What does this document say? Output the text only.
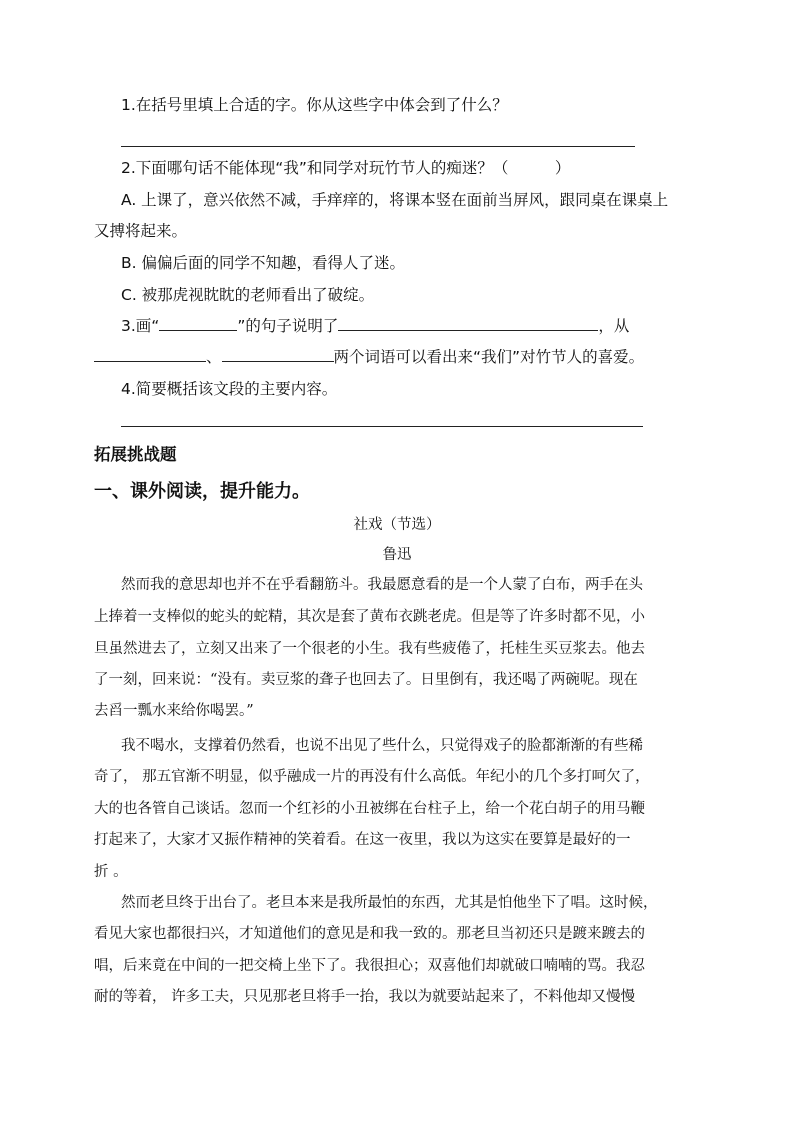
1.在括号里填上合适的字。你从这些字中体会到了什么？
2.下面哪句话不能体现“我”和同学对玩竹节人的痴迷？（　　　）
A. 上课了，意兴依然不减，手痒痒的，将课本竖在面前当屏风，跟同桌在课桌上
又搏将起来。
B. 偏偏后面的同学不知趣，看得人了迷。
C. 被那虎视眈眈的老师看出了破绽。
3.画“	”的句子说明了	，从
、	两个词语可以看出来“我们”对竹节人的喜爱。
4.简要概括该文段的主要内容。
拓展挑战题
一、课外阅读，提升能力。
社戏（节选）
鲁迅
然而我的意思却也并不在乎看翻筋斗。我最愿意看的是一个人蒙了白布，两手在头
上捧着一支棒似的蛇头的蛇精，其次是套了黄布衣跳老虎。但是等了许多时都不见，小
旦虽然进去了，立刻又出来了一个很老的小生。我有些疲倦了，托桂生买豆浆去。他去
了一刻，回来说：“没有。卖豆浆的聋子也回去了。日里倒有，我还喝了两碗呢。现在
去舀一瓢水来给你喝罢。”
我不喝水，支撑着仍然看，也说不出见了些什么，只觉得戏子的脸都渐渐的有些稀
奇了， 那五官渐不明显，似乎融成一片的再没有什么高低。年纪小的几个多打呵欠了，
大的也各管自己谈话。忽而一个红衫的小丑被绑在台柱子上，给一个花白胡子的用马鞭
打起来了，大家才又振作精神的笑着看。在这一夜里，我以为这实在要算是最好的一
折 。
然而老旦终于出台了。老旦本来是我所最怕的东西，尤其是怕他坐下了唱。这时候，
看见大家也都很扫兴，才知道他们的意见是和我一致的。那老旦当初还只是踱来踱去的
唱，后来竟在中间的一把交椅上坐下了。我很担心；双喜他们却就破口喃喃的骂。我忍
耐的等着， 许多工夫，只见那老旦将手一抬，我以为就要站起来了，不料他却又慢慢
